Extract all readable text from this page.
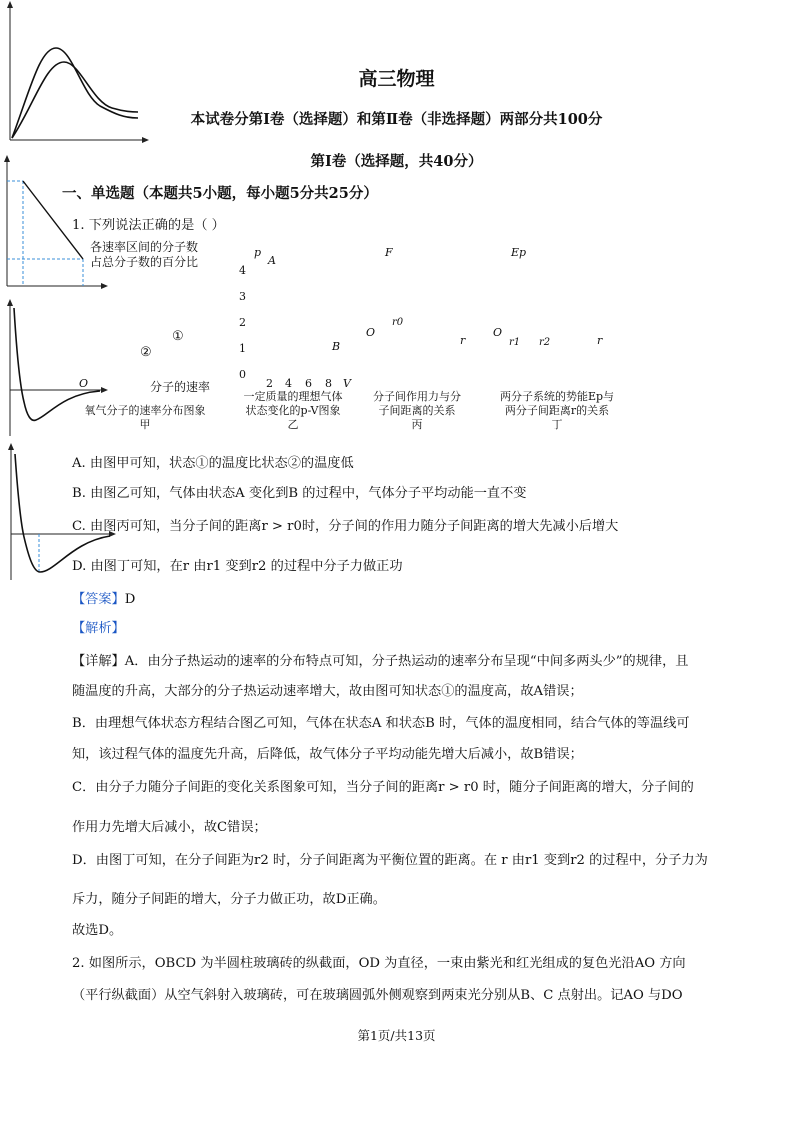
高三物理
本试卷分第Ⅰ卷（选择题）和第Ⅱ卷（非选择题）两部分共100分
第Ⅰ卷（选择题，共40分）
一、单选题（本题共5小题，每小题5分共25分）
1. 下列说法正确的是（ ）
各速率区间的分子数
占总分子数的百分比
O	分子的速率
①
②
氧气分子的速率分布图象
甲
p
V
0
1
2
3
4
2 4 6 8
A
B
一定质量的理想气体
状态变化的p-V图象
乙
F
O
r0
r
分子间作用力与分
子间距离的关系
丙
Ep
O
r1 r2	r
两分子系统的势能Ep与
两分子间距离r的关系
丁
A. 由图甲可知，状态①的温度比状态②的温度低
B. 由图乙可知，气体由状态A 变化到B 的过程中，气体分子平均动能一直不变
C. 由图丙可知，当分子间的距离r > r0时，分子间的作用力随分子间距离的增大先减小后增大
D. 由图丁可知，在r 由r1 变到r2 的过程中分子力做正功
【答案】D
【解析】
【详解】A．由分子热运动的速率的分布特点可知，分子热运动的速率分布呈现“中间多两头少”的规律，且
随温度的升高，大部分的分子热运动速率增大，故由图可知状态①的温度高，故A错误；
B．由理想气体状态方程结合图乙可知，气体在状态A 和状态B 时，气体的温度相同，结合气体的等温线可
知，该过程气体的温度先升高，后降低，故气体分子平均动能先增大后减小，故B错误；
C．由分子力随分子间距的变化关系图象可知，当分子间的距离r > r0 时，随分子间距离的增大，分子间的
作用力先增大后减小，故C错误；
D．由图丁可知，在分子间距为r2 时，分子间距离为平衡位置的距离。在 r 由r1 变到r2 的过程中，分子力为
斥力，随分子间距的增大，分子力做正功，故D正确。
故选D。
2. 如图所示，OBCD 为半圆柱玻璃砖的纵截面，OD 为直径，一束由紫光和红光组成的复色光沿AO 方向
（平行纵截面）从空气斜射入玻璃砖，可在玻璃圆弧外侧观察到两束光分别从B、C 点射出。记AO 与DO
第1页/共13页
